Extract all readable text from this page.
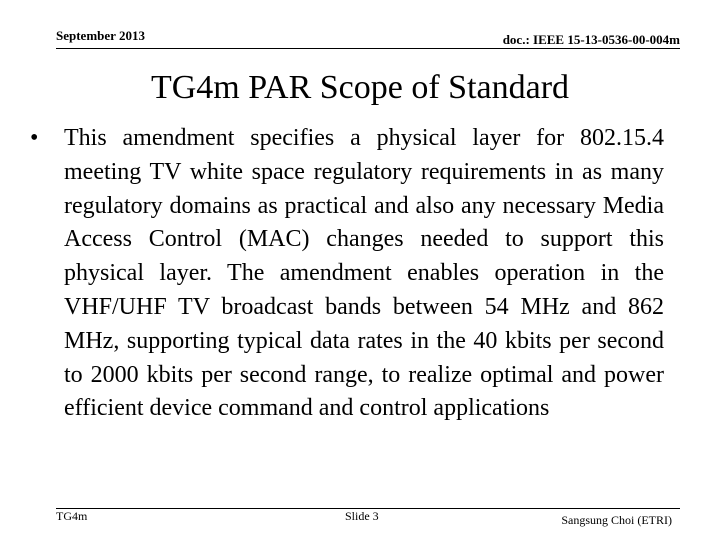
September 2013	doc.: IEEE 15-13-0536-00-004m
TG4m PAR Scope of Standard
•	This amendment specifies a physical layer for 802.15.4 meeting TV white space regulatory requirements in as many regulatory domains as practical and also any necessary Media Access Control (MAC) changes needed to support this physical layer. The amendment enables operation in the VHF/UHF TV broadcast bands between 54 MHz and 862 MHz, supporting typical data rates in the 40 kbits per second to 2000 kbits per second range, to realize optimal and power efficient device command and control applications
TG4m	Slide 3	Sangsung Choi (ETRI)
